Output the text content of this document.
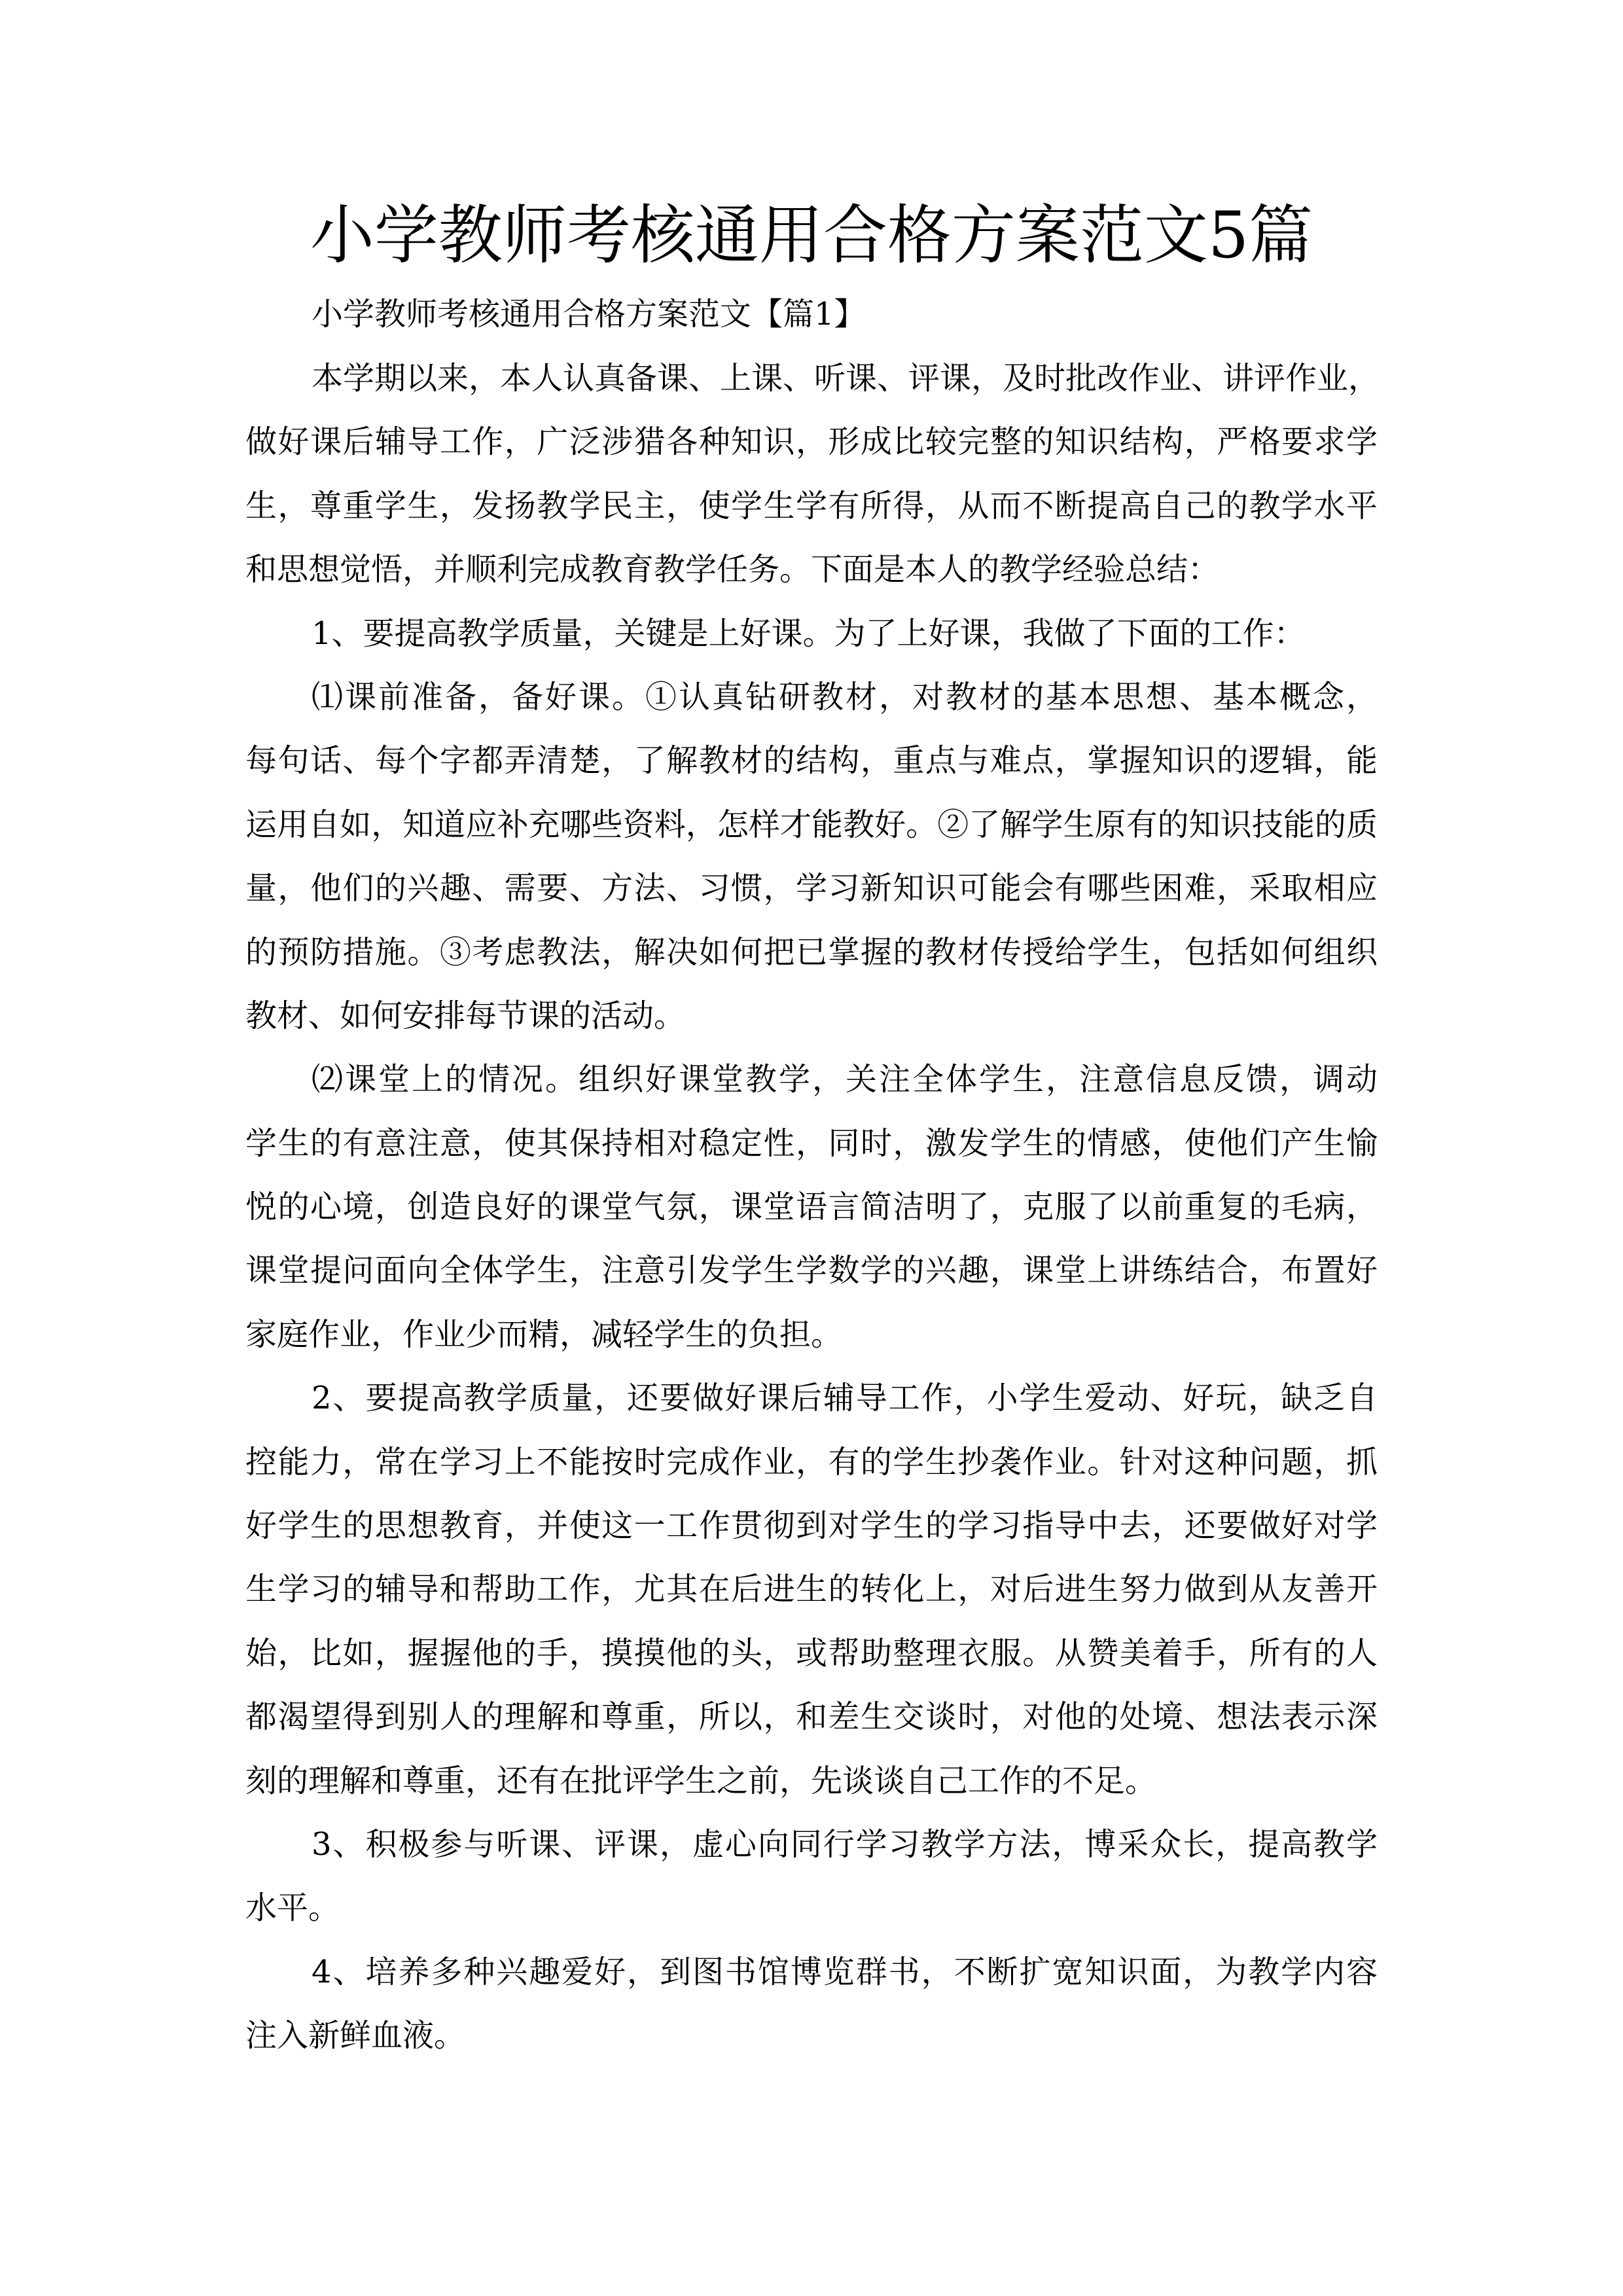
小学教师考核通用合格方案范文5篇
小学教师考核通用合格方案范文【篇1】
本学期以来，本人认真备课、上课、听课、评课，及时批改作业、讲评作业，
做好课后辅导工作，广泛涉猎各种知识，形成比较完整的知识结构，严格要求学
生，尊重学生，发扬教学民主，使学生学有所得，从而不断提高自己的教学水平
和思想觉悟，并顺利完成教育教学任务。下面是本人的教学经验总结：
1、要提高教学质量，关键是上好课。为了上好课，我做了下面的工作：
⑴课前准备，备好课。①认真钻研教材，对教材的基本思想、基本概念，
每句话、每个字都弄清楚，了解教材的结构，重点与难点，掌握知识的逻辑，能
运用自如，知道应补充哪些资料，怎样才能教好。②了解学生原有的知识技能的质
量，他们的兴趣、需要、方法、习惯，学习新知识可能会有哪些困难，采取相应
的预防措施。③考虑教法，解决如何把已掌握的教材传授给学生，包括如何组织
教材、如何安排每节课的活动。
⑵课堂上的情况。组织好课堂教学，关注全体学生，注意信息反馈，调动
学生的有意注意，使其保持相对稳定性，同时，激发学生的情感，使他们产生愉
悦的心境，创造良好的课堂气氛，课堂语言简洁明了，克服了以前重复的毛病，
课堂提问面向全体学生，注意引发学生学数学的兴趣，课堂上讲练结合，布置好
家庭作业，作业少而精，减轻学生的负担。
2、要提高教学质量，还要做好课后辅导工作，小学生爱动、好玩，缺乏自
控能力，常在学习上不能按时完成作业，有的学生抄袭作业。针对这种问题，抓
好学生的思想教育，并使这一工作贯彻到对学生的学习指导中去，还要做好对学
生学习的辅导和帮助工作，尤其在后进生的转化上，对后进生努力做到从友善开
始，比如，握握他的手，摸摸他的头，或帮助整理衣服。从赞美着手，所有的人
都渴望得到别人的理解和尊重，所以，和差生交谈时，对他的处境、想法表示深
刻的理解和尊重，还有在批评学生之前，先谈谈自己工作的不足。
3、积极参与听课、评课，虚心向同行学习教学方法，博采众长，提高教学
水平。
4、培养多种兴趣爱好，到图书馆博览群书，不断扩宽知识面，为教学内容
注入新鲜血液。
